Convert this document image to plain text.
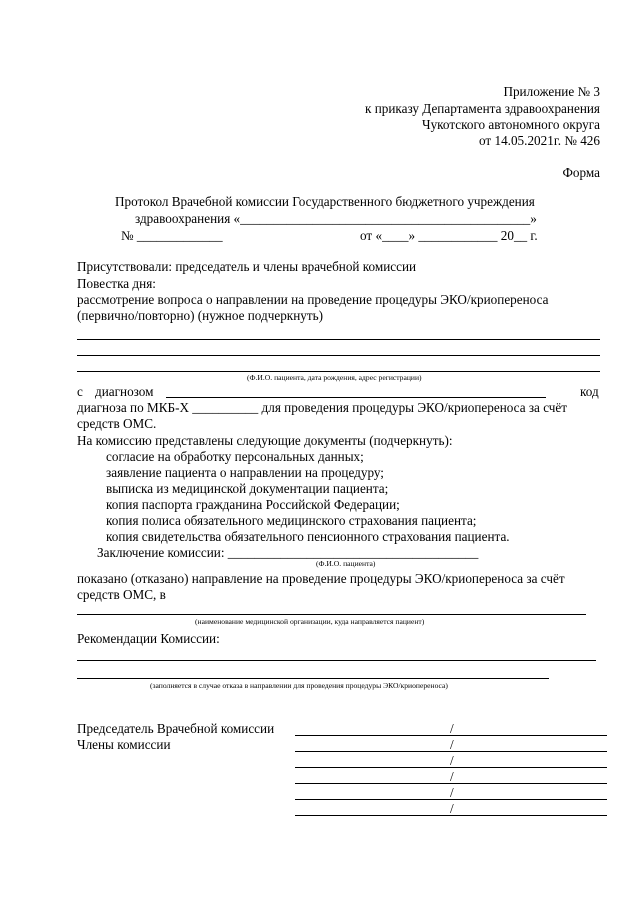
Приложение № 3
к приказу Департамента здравоохранения
Чукотского автономного округа
от 14.05.2021г. № 426
Форма
Протокол Врачебной комиссии Государственного бюджетного учреждения
здравоохранения «____________________________________________»
№ _____________	от «____» ____________ 20__ г.
Присутствовали: председатель и члены врачебной комиссии
Повестка дня:
рассмотрение вопроса о направлении на проведение процедуры ЭКО/криопереноса
(первично/повторно) (нужное подчеркнуть)
(Ф.И.О. пациента, дата рождения, адрес регистрации)
с диагнозом	код
диагноза по МКБ-Х __________ для проведения процедуры ЭКО/криопереноса за счёт
средств ОМС.
На комиссию представлены следующие документы (подчеркнуть):
согласие на обработку персональных данных;
заявление пациента о направлении на процедуру;
выписка из медицинской документации пациента;
копия паспорта гражданина Российской Федерации;
копия полиса обязательного медицинского страхования пациента;
копия свидетельства обязательного пенсионного страхования пациента.
Заключение комиссии: ______________________________________
(Ф.И.О. пациента)
показано (отказано) направление на проведение процедуры ЭКО/криопереноса за счёт
средств ОМС, в
(наименование медицинской организации, куда направляется пациент)
Рекомендации Комиссии:
(заполняется в случае отказа в направлении для проведения процедуры ЭКО/криопереноса)
Председатель Врачебной комиссии
Члены комиссии
/
/
/
/
/
/
